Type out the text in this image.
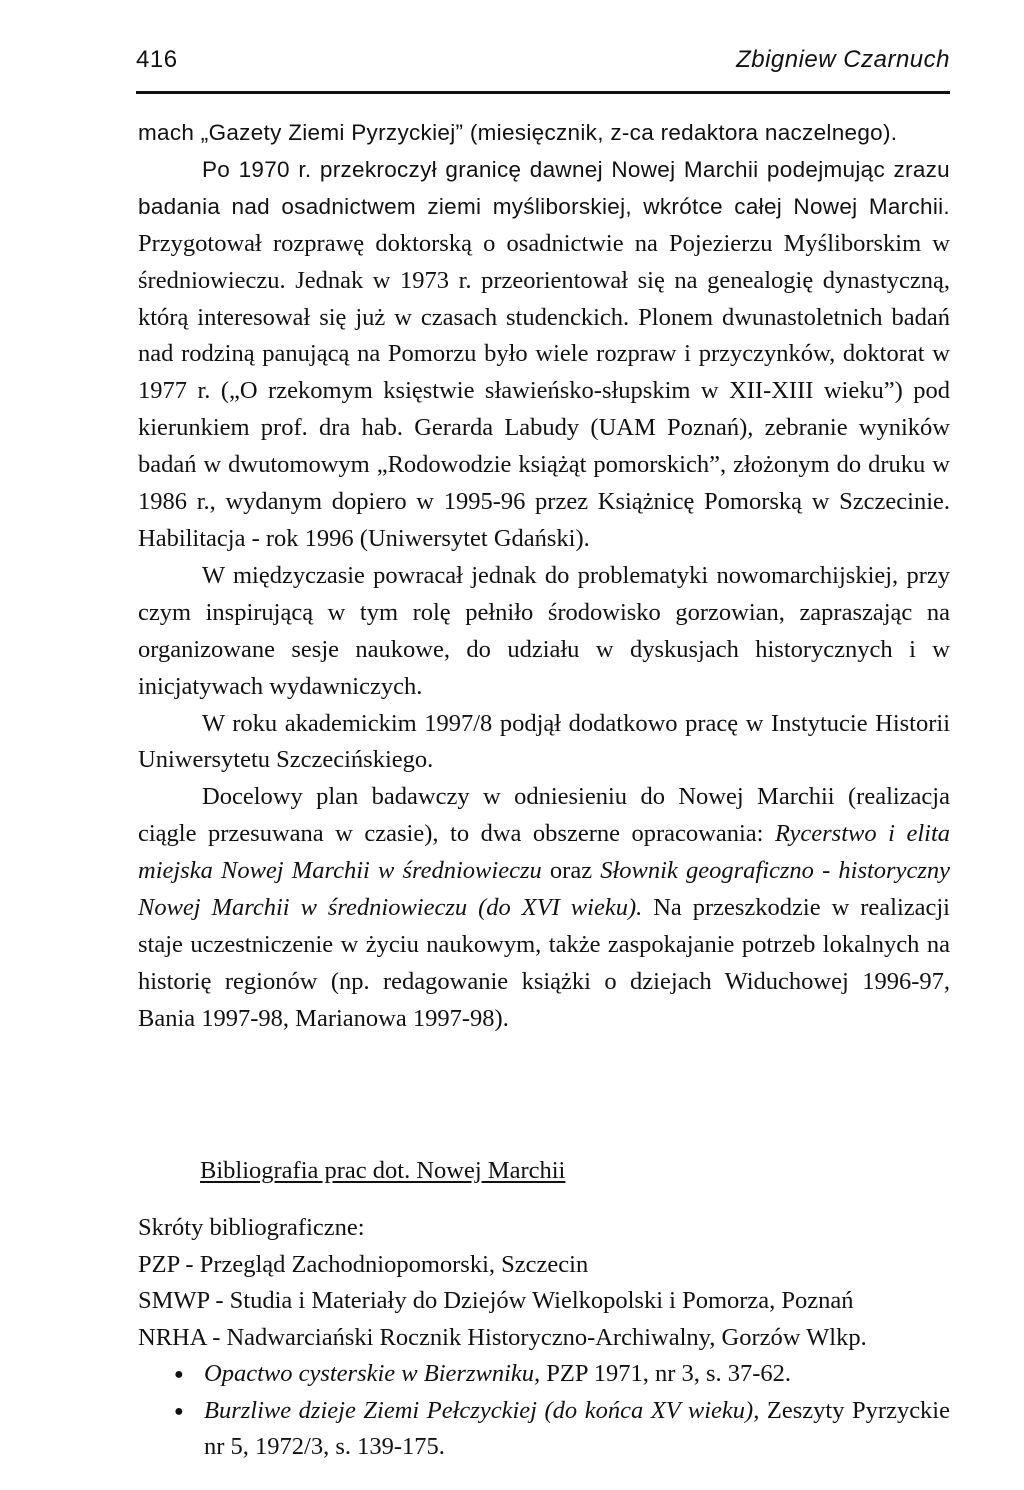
416	Zbigniew Czarnuch

mach „Gazety Ziemi Pyrzyckiej” (miesięcznik, z-ca redaktora naczelnego).

Po 1970 r. przekroczył granicę dawnej Nowej Marchii podejmując zrazu badania nad osadnictwem ziemi myśliborskiej, wkrótce całej Nowej Marchii. Przygotował rozprawę doktorską o osadnictwie na Pojezierzu Myśliborskim w średniowieczu. Jednak w 1973 r. przeorientował się na genealogię dynastyczną, którą interesował się już w czasach studenckich. Plonem dwunastoletnich badań nad rodziną panującą na Pomorzu było wiele rozpraw i przyczynków, doktorat w 1977 r. („O rzekomym księstwie sławieńsko-słupskim w XII-XIII wieku”) pod kierunkiem prof. dra hab. Gerarda Labudy (UAM Poznań), zebranie wyników badań w dwutomowym „Rodowodzie książąt pomorskich”, złożonym do druku w 1986 r., wydanym dopiero w 1995-96 przez Książnicę Pomorską w Szczecinie. Habilitacja - rok 1996 (Uniwersytet Gdański).

W międzyczasie powracał jednak do problematyki nowomarchijskiej, przy czym inspirującą w tym rolę pełniło środowisko gorzowian, zapraszając na organizowane sesje naukowe, do udziału w dyskusjach historycznych i w inicjatywach wydawniczych.

W roku akademickim 1997/8 podjął dodatkowo pracę w Instytucie Historii Uniwersytetu Szczecińskiego.

Docelowy plan badawczy w odniesieniu do Nowej Marchii (realizacja ciągle przesuwana w czasie), to dwa obszerne opracowania: Rycerstwo i elita miejska Nowej Marchii w średniowieczu oraz Słownik geograficzno - historyczny Nowej Marchii w średniowieczu (do XVI wieku). Na przeszkodzie w realizacji staje uczestniczenie w życiu naukowym, także zaspokajanie potrzeb lokalnych na historię regionów (np. redagowanie książki o dziejach Widuchowej 1996-97, Bania 1997-98, Marianowa 1997-98).

Bibliografia prac dot. Nowej Marchii

Skróty bibliograficzne:

PZP - Przegląd Zachodniopomorski, Szczecin

SMWP - Studia i Materiały do Dziejów Wielkopolski i Pomorza, Poznań

NRHA - Nadwarciański Rocznik Historyczno-Archiwalny, Gorzów Wlkp.

● Opactwo cysterskie w Bierzwniku, PZP 1971, nr 3, s. 37-62.

● Burzliwe dzieje Ziemi Pełczyckiej (do końca XV wieku), Zeszyty Pyrzyckie nr 5, 1972/3, s. 139-175.
